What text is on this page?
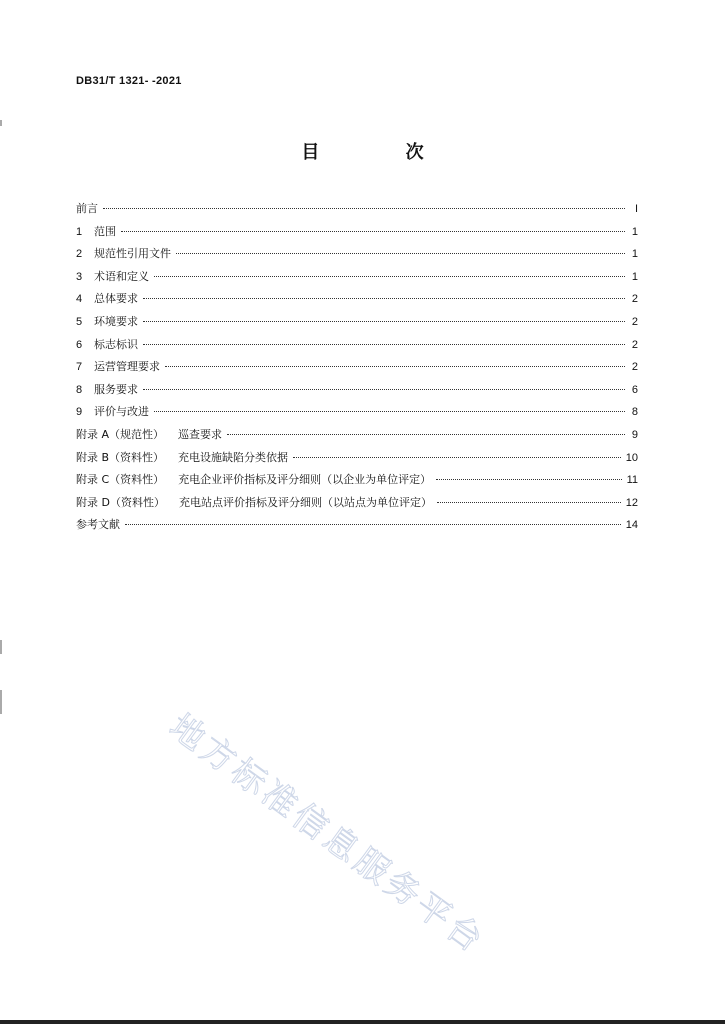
DB31/T 1321- -2021
目 次
前言	I
1	范围	1
2	规范性引用文件	1
3	术语和定义	1
4	总体要求	2
5	环境要求	2
6	标志标识	2
7	运营管理要求	2
8	服务要求	6
9	评价与改进	8
附录 A（规范性） 巡查要求	9
附录 B（资料性） 充电设施缺陷分类依据	10
附录 C（资料性） 充电企业评价指标及评分细则（以企业为单位评定）	11
附录 D（资料性） 充电站点评价指标及评分细则（以站点为单位评定）	12
参考文献	14
地方标准信息服务平台
